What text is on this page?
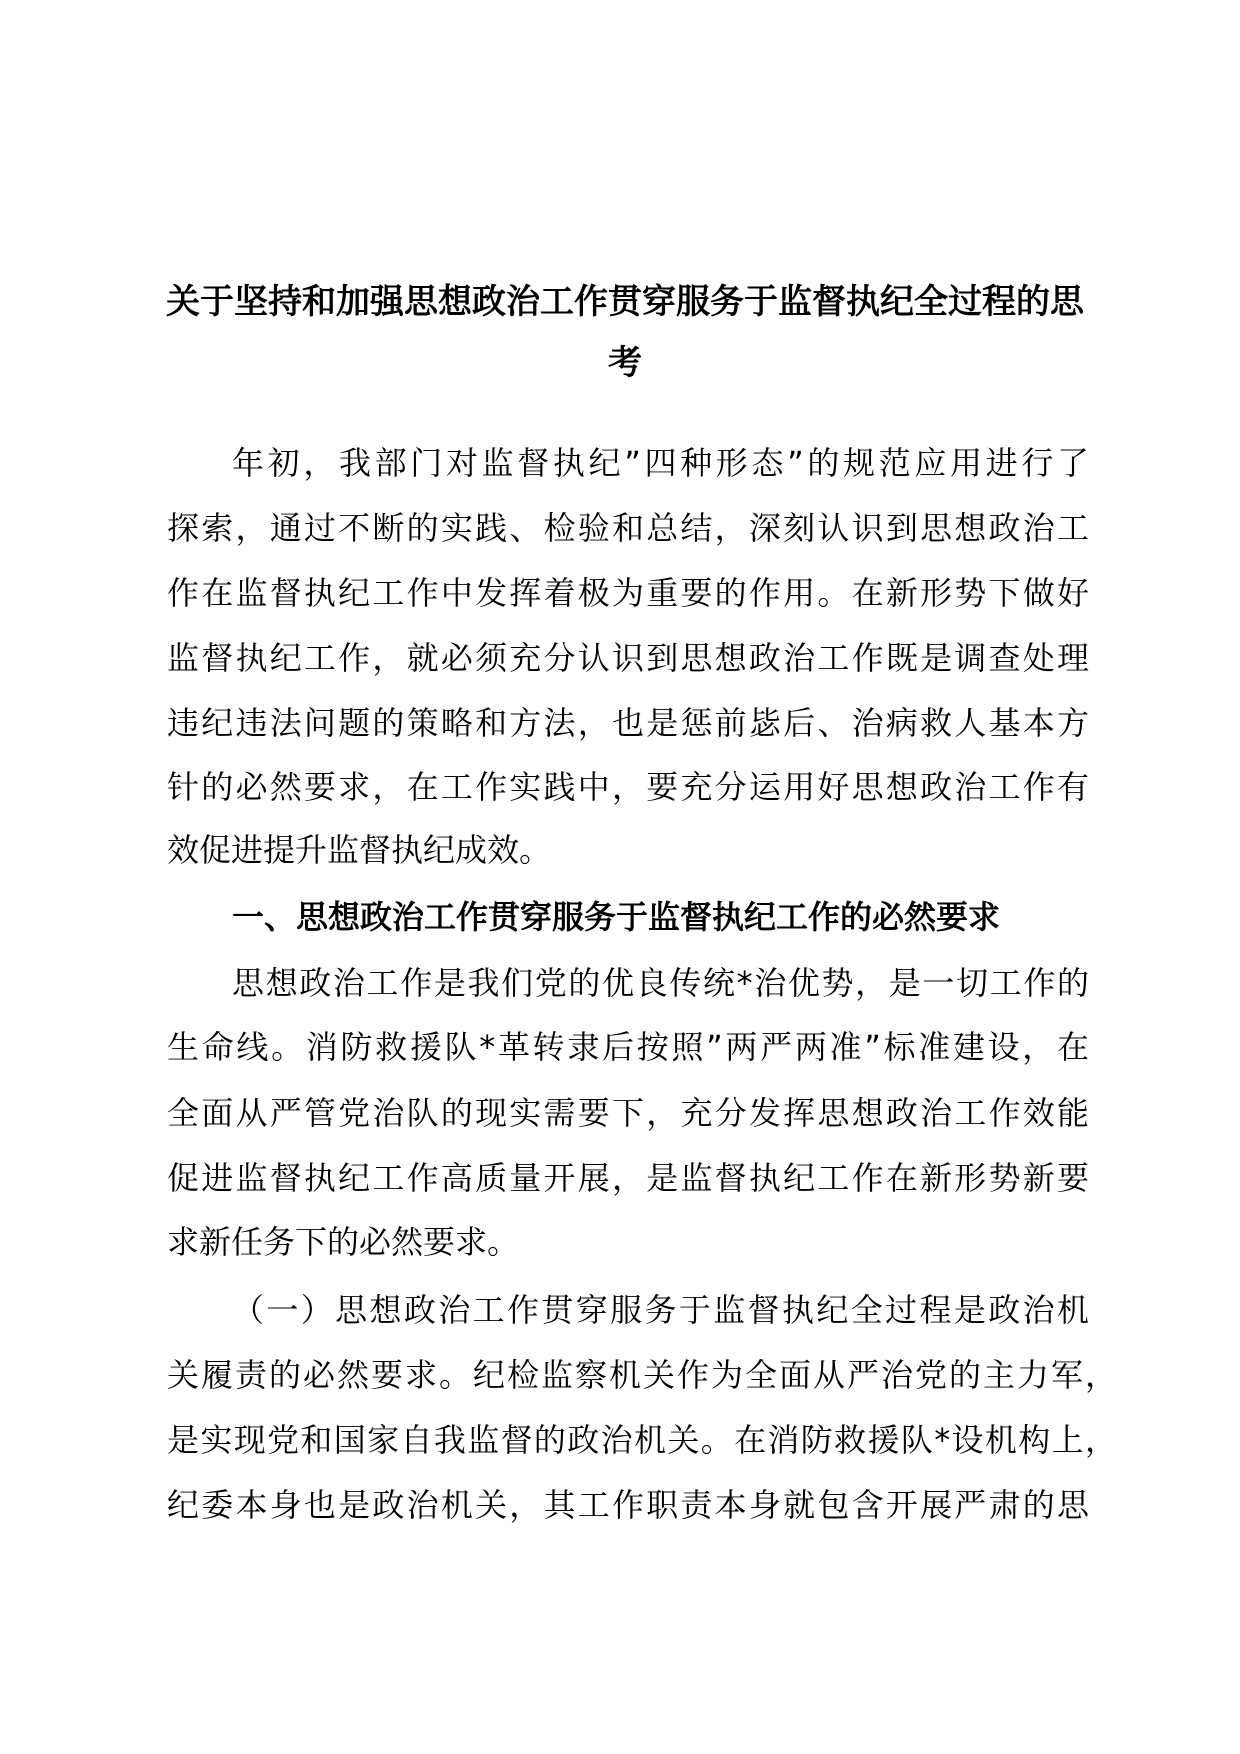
关于坚持和加强思想政治工作贯穿服务于监督执纪全过程的思
考
年初，我部门对监督执纪”四种形态”的规范应用进行了
探索，通过不断的实践、检验和总结，深刻认识到思想政治工
作在监督执纪工作中发挥着极为重要的作用。在新形势下做好
监督执纪工作，就必须充分认识到思想政治工作既是调查处理
违纪违法问题的策略和方法，也是惩前毖后、治病救人基本方
针的必然要求，在工作实践中，要充分运用好思想政治工作有
效促进提升监督执纪成效。
一、思想政治工作贯穿服务于监督执纪工作的必然要求
思想政治工作是我们党的优良传统*治优势，是一切工作的
生命线。消防救援队*革转隶后按照”两严两准”标准建设，在
全面从严管党治队的现实需要下，充分发挥思想政治工作效能
促进监督执纪工作高质量开展，是监督执纪工作在新形势新要
求新任务下的必然要求。
（一）思想政治工作贯穿服务于监督执纪全过程是政治机
关履责的必然要求。纪检监察机关作为全面从严治党的主力军，
是实现党和国家自我监督的政治机关。在消防救援队*设机构上，
纪委本身也是政治机关，其工作职责本身就包含开展严肃的思
